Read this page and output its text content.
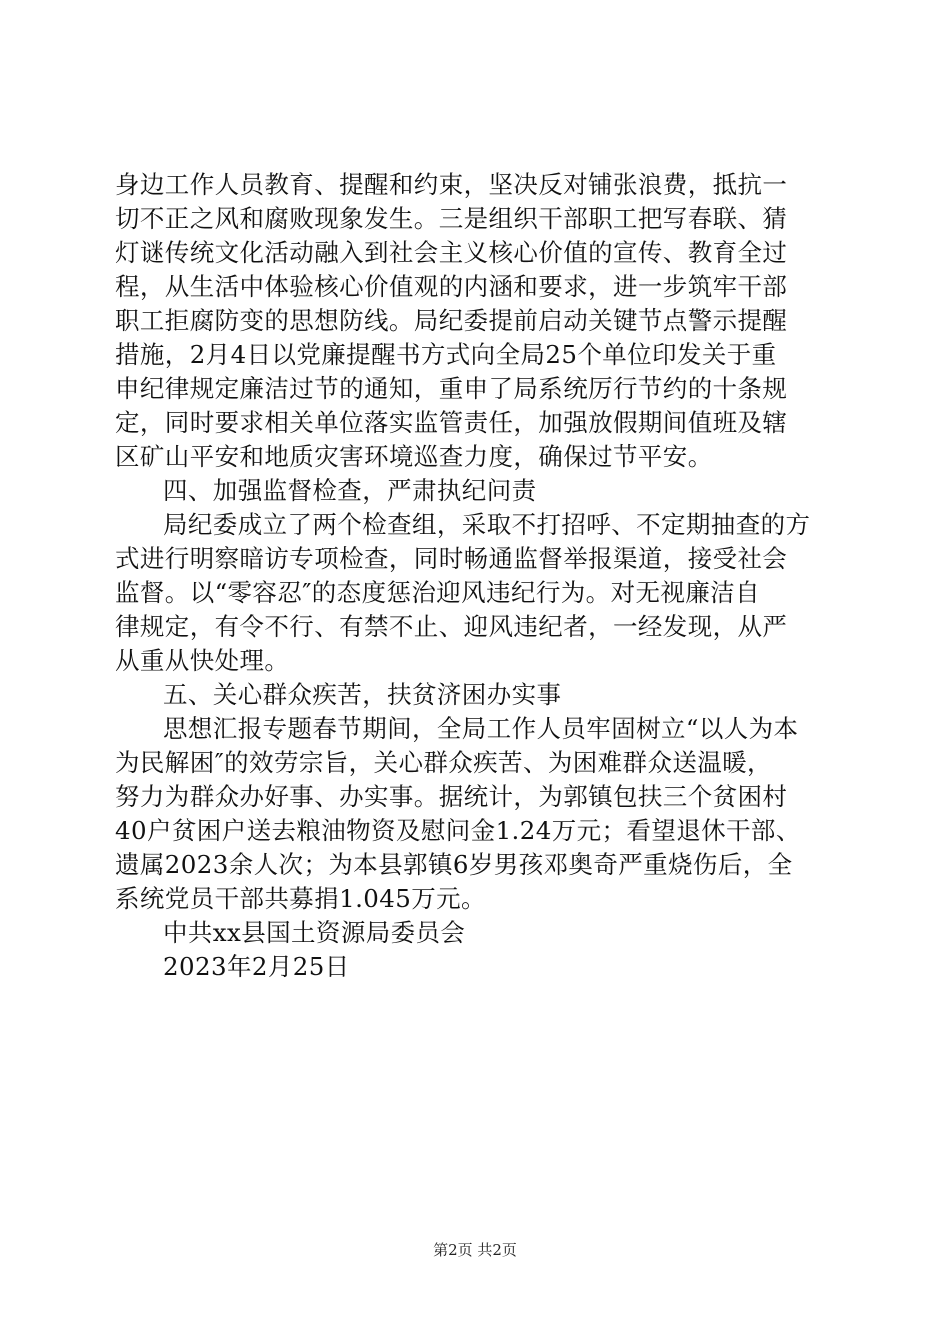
身边工作人员教育、提醒和约束，坚决反对铺张浪费，抵抗一
切不正之风和腐败现象发生。三是组织干部职工把写春联、猜
灯谜传统文化活动融入到社会主义核心价值的宣传、教育全过
程，从生活中体验核心价值观的内涵和要求，进一步筑牢干部
职工拒腐防变的思想防线。局纪委提前启动关键节点警示提醒
措施，2月4日以党廉提醒书方式向全局25个单位印发关于重
申纪律规定廉洁过节的通知，重申了局系统厉行节约的十条规
定，同时要求相关单位落实监管责任，加强放假期间值班及辖
区矿山平安和地质灾害环境巡查力度，确保过节平安。
四、加强监督检查，严肃执纪问责
局纪委成立了两个检查组，采取不打招呼、不定期抽查的方
式进行明察暗访专项检查，同时畅通监督举报渠道，接受社会
监督。以“零容忍″的态度惩治迎风违纪行为。对无视廉洁自
律规定，有令不行、有禁不止、迎风违纪者，一经发现，从严
从重从快处理。
五、关心群众疾苦，扶贫济困办实事
思想汇报专题春节期间，全局工作人员牢固树立“以人为本
为民解困″的效劳宗旨，关心群众疾苦、为困难群众送温暖，
努力为群众办好事、办实事。据统计，为郭镇包扶三个贫困村
40户贫困户送去粮油物资及慰问金1.24万元；看望退休干部、
遗属2023余人次；为本县郭镇6岁男孩邓奥奇严重烧伤后，全
系统党员干部共募捐1.045万元。
中共xx县国土资源局委员会
2023年2月25日
第2页 共2页
